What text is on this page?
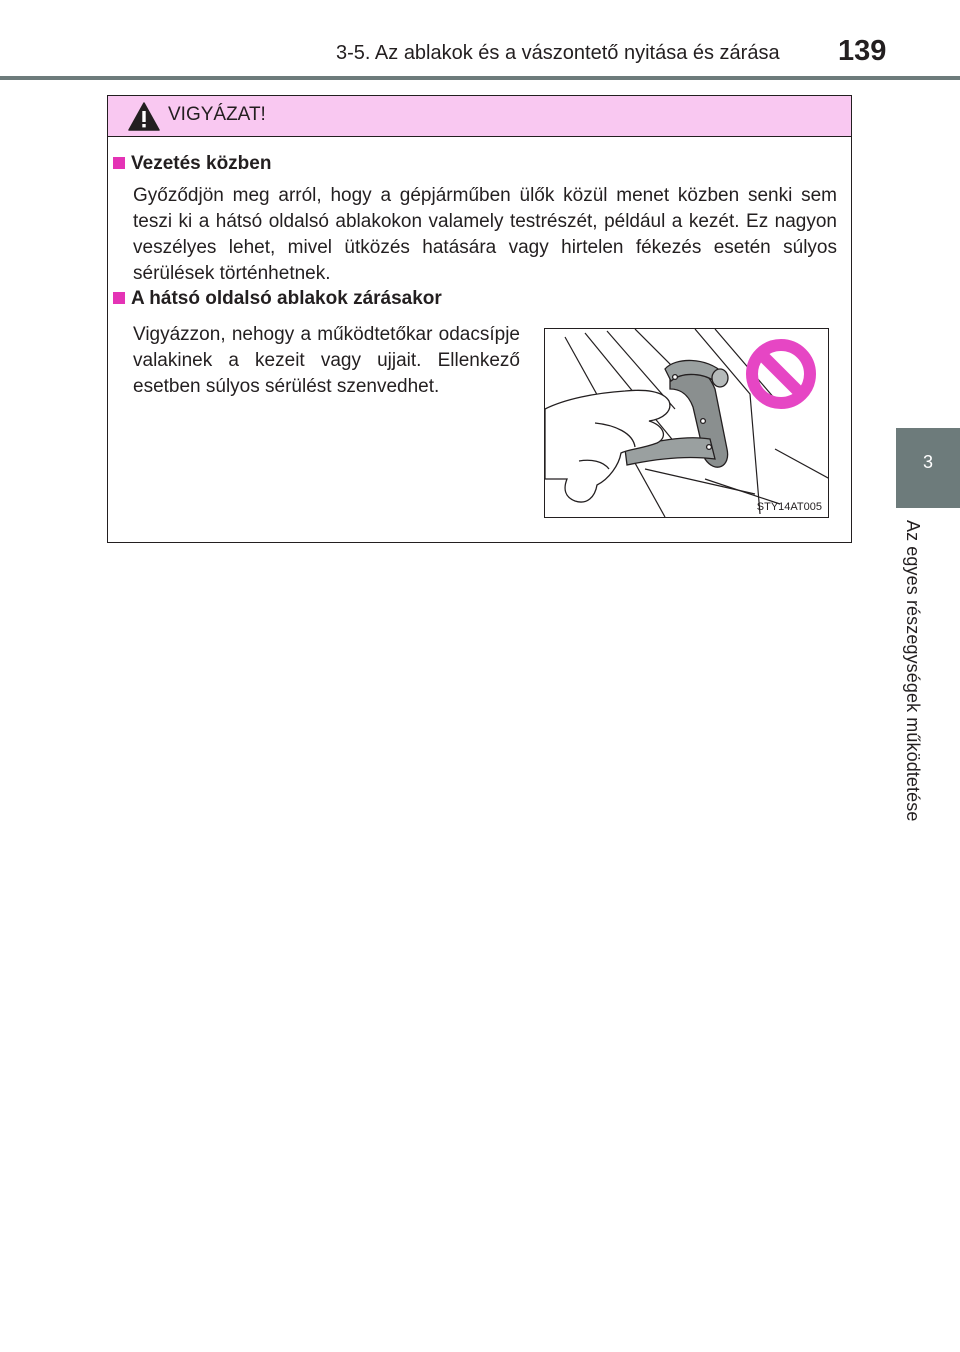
3-5. Az ablakok és a vászontető nyitása és zárása 139
3
Az egyes részegységek működtetése
VIGYÁZAT!
Vezetés közben

Győződjön meg arról, hogy a gépjárműben ülők közül menet közben senki sem teszi ki a hátsó oldalsó ablakokon valamely testrészét, például a kezét. Ez nagyon veszélyes lehet, mivel ütközés hatására vagy hirtelen fékezés esetén súlyos sérülések történhetnek.

A hátsó oldalsó ablakok zárásakor

Vigyázzon, nehogy a működtetőkar odacsípje valakinek a kezeit vagy ujjait. Ellenkező esetben súlyos sérülést szenvedhet.

STY14AT005
